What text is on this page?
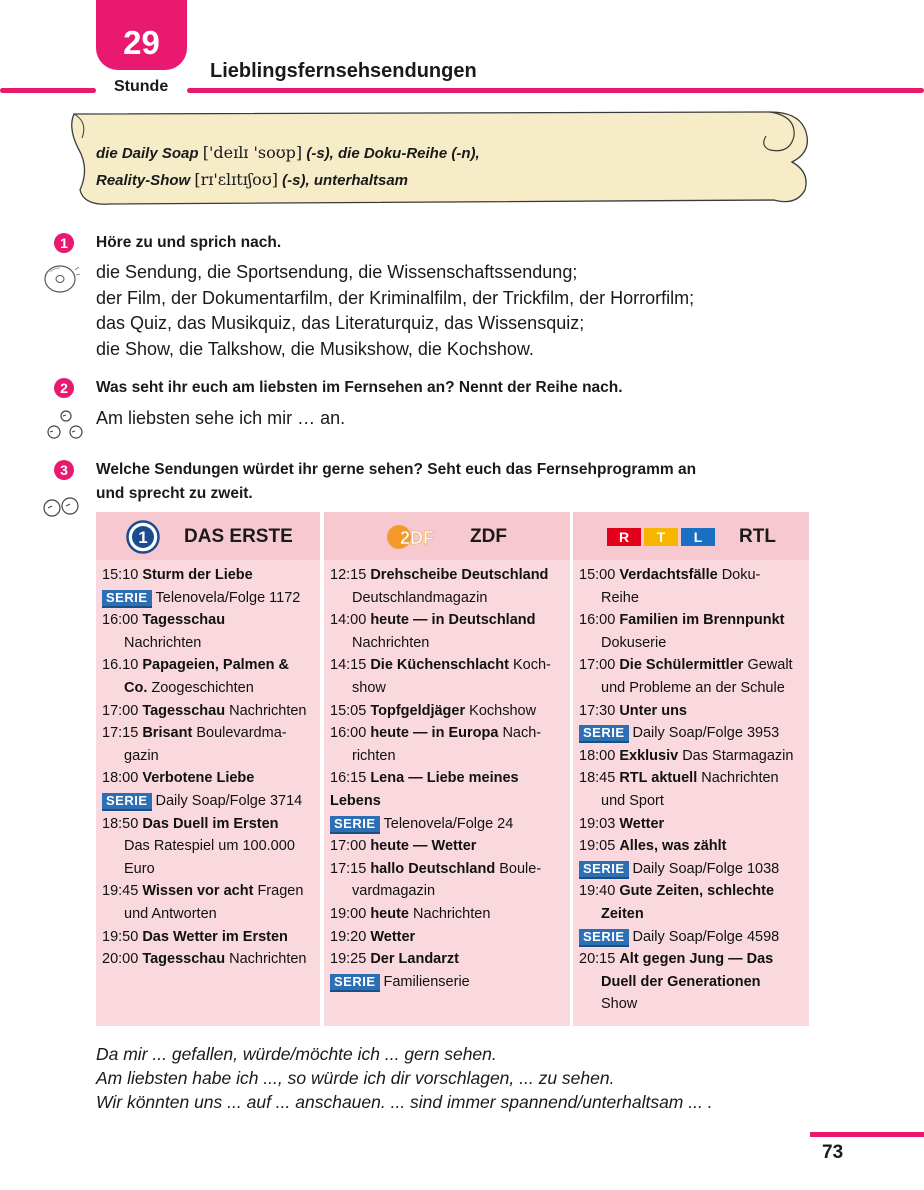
29
Stunde
Lieblingsfernsehsendungen
die Daily Soap ['deɪlɪ 'soʊp] (-s), die Doku-Reihe (-n),
Reality-Show [rɪ'ɛlɪtɪʃoʊ] (-s), unterhaltsam
1	Höre zu und sprich nach.
die Sendung, die Sportsendung, die Wissenschaftssendung;
der Film, der Dokumentarfilm, der Kriminalfilm, der Trickfilm, der Horrorfilm;
das Quiz, das Musikquiz, das Literaturquiz, das Wissensquiz;
die Show, die Talkshow, die Musikshow, die Kochshow.
2	Was seht ihr euch am liebsten im Fernsehen an? Nennt der Reihe nach.
Am liebsten sehe ich mir … an.
3	Welche Sendungen würdet ihr gerne sehen? Seht euch das Fernsehprogramm an
und sprecht zu zweit.
1 DAS ERSTE
15:10 Sturm der Liebe
SERIE Telenovela/Folge 1172
16:00 Tagesschau
Nachrichten
16.10 Papageien, Palmen &
Co. Zoogeschichten
17:00 Tagesschau Nachrichten
17:15 Brisant Boulevardma-
gazin
18:00 Verbotene Liebe
SERIE Daily Soap/Folge 3714
18:50 Das Duell im Ersten
Das Ratespiel um 100.000
Euro
19:45 Wissen vor acht Fragen
und Antworten
19:50 Das Wetter im Ersten
20:00 Tagesschau Nachrichten
2DF ZDF
12:15 Drehscheibe Deutschland
Deutschlandmagazin
14:00 heute — in Deutschland
Nachrichten
14:15 Die Küchenschlacht Koch-
show
15:05 Topfgeldjäger Kochshow
16:00 heute — in Europa Nach-
richten
16:15 Lena — Liebe meines Lebens
SERIE Telenovela/Folge 24
17:00 heute — Wetter
17:15 hallo Deutschland Boule-
vardmagazin
19:00 heute Nachrichten
19:20 Wetter
19:25 Der Landarzt
SERIE Familienserie
R T L RTL
15:00 Verdachtsfälle Doku-
Reihe
16:00 Familien im Brennpunkt
Dokuserie
17:00 Die Schülermittler Gewalt
und Probleme an der Schule
17:30 Unter uns
SERIE Daily Soap/Folge 3953
18:00 Exklusiv Das Starmagazin
18:45 RTL aktuell Nachrichten
und Sport
19:03 Wetter
19:05 Alles, was zählt
SERIE Daily Soap/Folge 1038
19:40 Gute Zeiten, schlechte
Zeiten
SERIE Daily Soap/Folge 4598
20:15 Alt gegen Jung — Das
Duell der Generationen
Show
Da mir ... gefallen, würde/möchte ich ... gern sehen.
Am liebsten habe ich ..., so würde ich dir vorschlagen, ... zu sehen.
Wir könnten uns ... auf ... anschauen. ... sind immer spannend/unterhaltsam ... .
73
